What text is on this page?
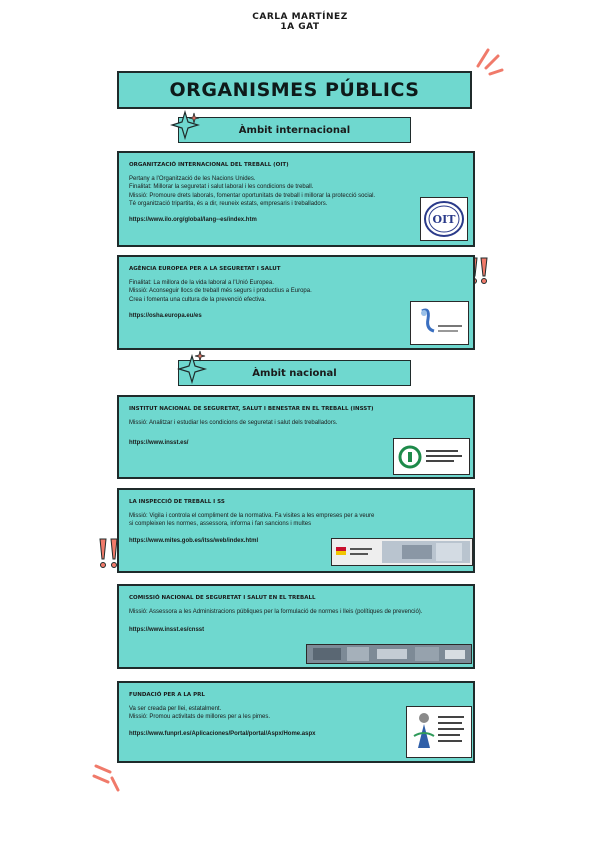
CARLA MARTÍNEZ
1A GAT
ORGANISMES PÚBLICS
Àmbit internacional
ORGANITZACIÓ INTERNACIONAL DEL TREBALL (OIT)
Pertany a l'Organització de les Nacions Unides.
Finalitat: Millorar la seguretat i salut laboral i les condicions de treball.
Missió: Promoure drets laborals, fomentar oportunitats de treball i millorar la protecció social.
Té organització tripartita, és a dir, reuneix estats, empresaris i treballadors.
https://www.ilo.org/global/lang--es/index.htm	OIT
AGÈNCIA EUROPEA PER A LA SEGURETAT I SALUT
Finalitat: La millora de la vida laboral a l'Unió Europea.
Missió: Aconseguir llocs de treball més segurs i productius a Europa.
Crea i fomenta una cultura de la prevenció efectiva.
https://osha.europa.eu/es
Àmbit nacional
INSTITUT NACIONAL DE SEGURETAT, SALUT I BENESTAR EN EL TREBALL (INSST)
Missió: Analitzar i estudiar les condicions de seguretat i salut dels treballadors.
https://www.insst.es/
LA INSPECCIÓ DE TREBALL I SS
Missió: Vigila i controla el compliment de la normativa. Fa visites a les empreses per a veure
si compleixen les normes, assessora, informa i fan sancions i multes
https://www.mites.gob.es/itss/web/index.html
COMISSIÓ NACIONAL DE SEGURETAT I SALUT EN EL TREBALL
Missió: Assessora a les Administracions públiques per la formulació de normes i lleis (polítiques de prevenció).
https://www.insst.es/cnsst
FUNDACIÓ PER A LA PRL
Va ser creada per llei, estatalment.
Missió: Promou activitats de millores per a les pimes.
https://www.funprl.es/Aplicaciones/Portal/portal/Aspx/Home.aspx
